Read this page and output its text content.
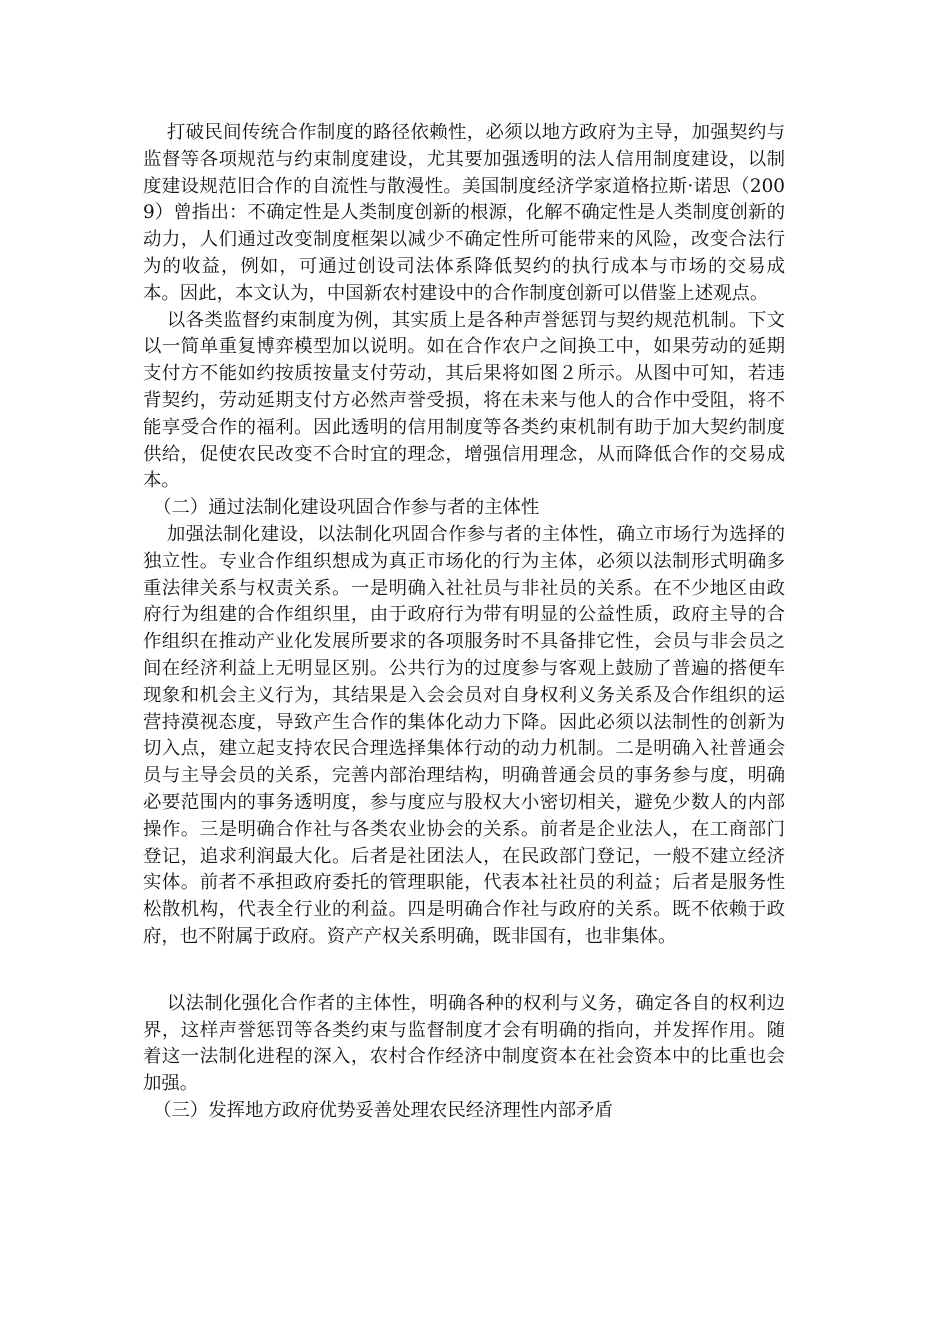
打破民间传统合作制度的路径依赖性，必须以地方政府为主导，加强契约与监督等各项规范与约束制度建设，尤其要加强透明的法人信用制度建设，以制度建设规范旧合作的自流性与散漫性。美国制度经济学家道格拉斯·诺思（2009）曾指出：不确定性是人类制度创新的根源，化解不确定性是人类制度创新的动力，人们通过改变制度框架以减少不确定性所可能带来的风险，改变合法行为的收益，例如，可通过创设司法体系降低契约的执行成本与市场的交易成本。因此，本文认为，中国新农村建设中的合作制度创新可以借鉴上述观点。

以各类监督约束制度为例，其实质上是各种声誉惩罚与契约规范机制。下文以一简单重复博弈模型加以说明。如在合作农户之间换工中，如果劳动的延期支付方不能如约按质按量支付劳动，其后果将如图２所示。从图中可知，若违背契约，劳动延期支付方必然声誉受损，将在未来与他人的合作中受阻，将不能享受合作的福利。因此透明的信用制度等各类约束机制有助于加大契约制度供给，促使农民改变不合时宜的理念，增强信用理念，从而降低合作的交易成本。

（二）通过法制化建设巩固合作参与者的主体性

加强法制化建设，以法制化巩固合作参与者的主体性，确立市场行为选择的独立性。专业合作组织想成为真正市场化的行为主体，必须以法制形式明确多重法律关系与权责关系。一是明确入社社员与非社员的关系。在不少地区由政府行为组建的合作组织里，由于政府行为带有明显的公益性质，政府主导的合作组织在推动产业化发展所要求的各项服务时不具备排它性，会员与非会员之间在经济利益上无明显区别。公共行为的过度参与客观上鼓励了普遍的搭便车现象和机会主义行为，其结果是入会会员对自身权利义务关系及合作组织的运营持漠视态度，导致产生合作的集体化动力下降。因此必须以法制性的创新为切入点，建立起支持农民合理选择集体行动的动力机制。二是明确入社普通会员与主导会员的关系，完善内部治理结构，明确普通会员的事务参与度，明确必要范围内的事务透明度，参与度应与股权大小密切相关，避免少数人的内部操作。三是明确合作社与各类农业协会的关系。前者是企业法人，在工商部门登记，追求利润最大化。后者是社团法人，在民政部门登记，一般不建立经济实体。前者不承担政府委托的管理职能，代表本社社员的利益；后者是服务性松散机构，代表全行业的利益。四是明确合作社与政府的关系。既不依赖于政府，也不附属于政府。资产产权关系明确，既非国有，也非集体。

以法制化强化合作者的主体性，明确各种的权利与义务，确定各自的权利边界，这样声誉惩罚等各类约束与监督制度才会有明确的指向，并发挥作用。随着这一法制化进程的深入，农村合作经济中制度资本在社会资本中的比重也会加强。

（三）发挥地方政府优势妥善处理农民经济理性内部矛盾
